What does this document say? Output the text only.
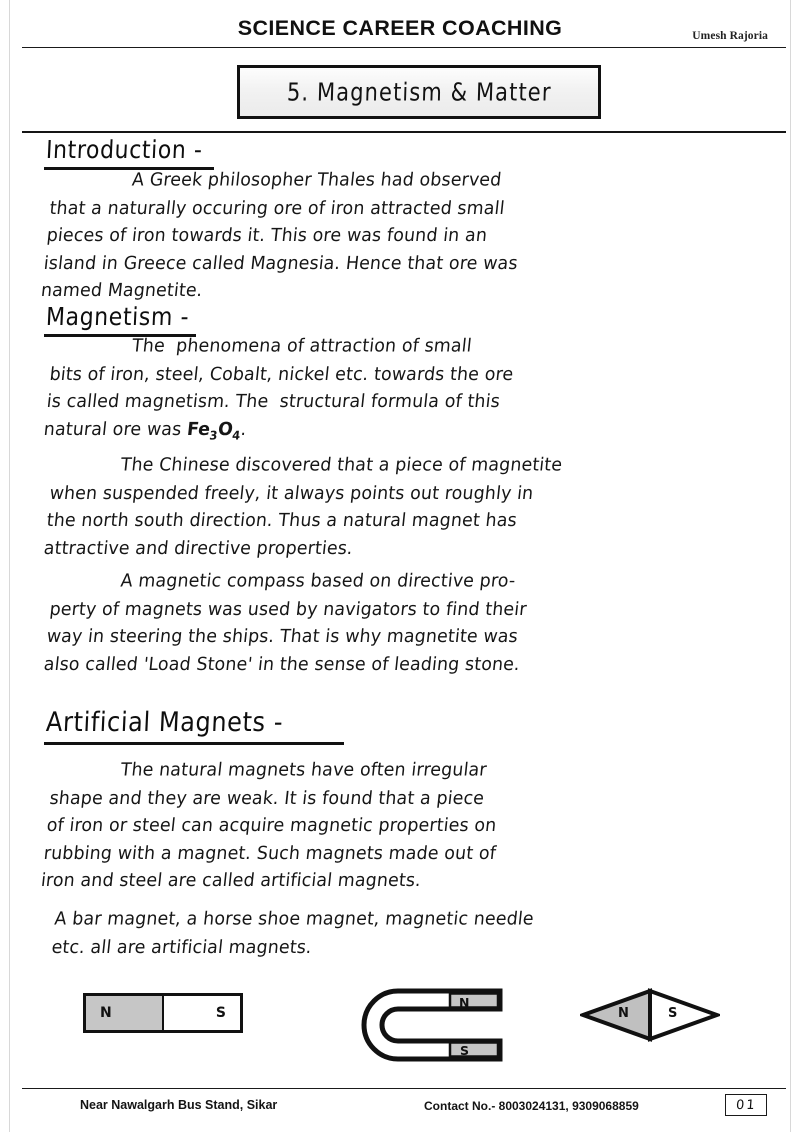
SCIENCE CAREER COACHING	Umesh Rajoria
5. Magnetism & Matter
Introduction -
A Greek philosopher Thales had observed
that a naturally occuring ore of iron attracted small
pieces of iron towards it. This ore was found in an
island in Greece called Magnesia. Hence that ore was
named Magnetite.
Magnetism -
The  phenomena of attraction of small
bits of iron, steel, Cobalt, nickel etc. towards the ore
is called magnetism. The  structural formula of this
natural ore was $Fe_3O_4$.
The Chinese discovered that a piece of magnetite
when suspended freely, it always points out roughly in
the north south direction. Thus a natural magnet has
attractive and directive properties.
A magnetic compass based on directive pro-
perty of magnets was used by navigators to find their
way in steering the ships. That is why magnetite was
also called 'Load Stone' in the sense of leading stone.
Artificial Magnets -
The natural magnets have often irregular
shape and they are weak. It is found that a piece
of iron or steel can acquire magnetic properties on
rubbing with a magnet. Such magnets made out of
iron and steel are called artificial magnets.
A bar magnet, a horse shoe magnet, magnetic needle
etc. all are artificial magnets.
N	S
N
S
N	S
Near Nawalgarh Bus Stand, Sikar	Contact No.- 8003024131, 9309068859	01
